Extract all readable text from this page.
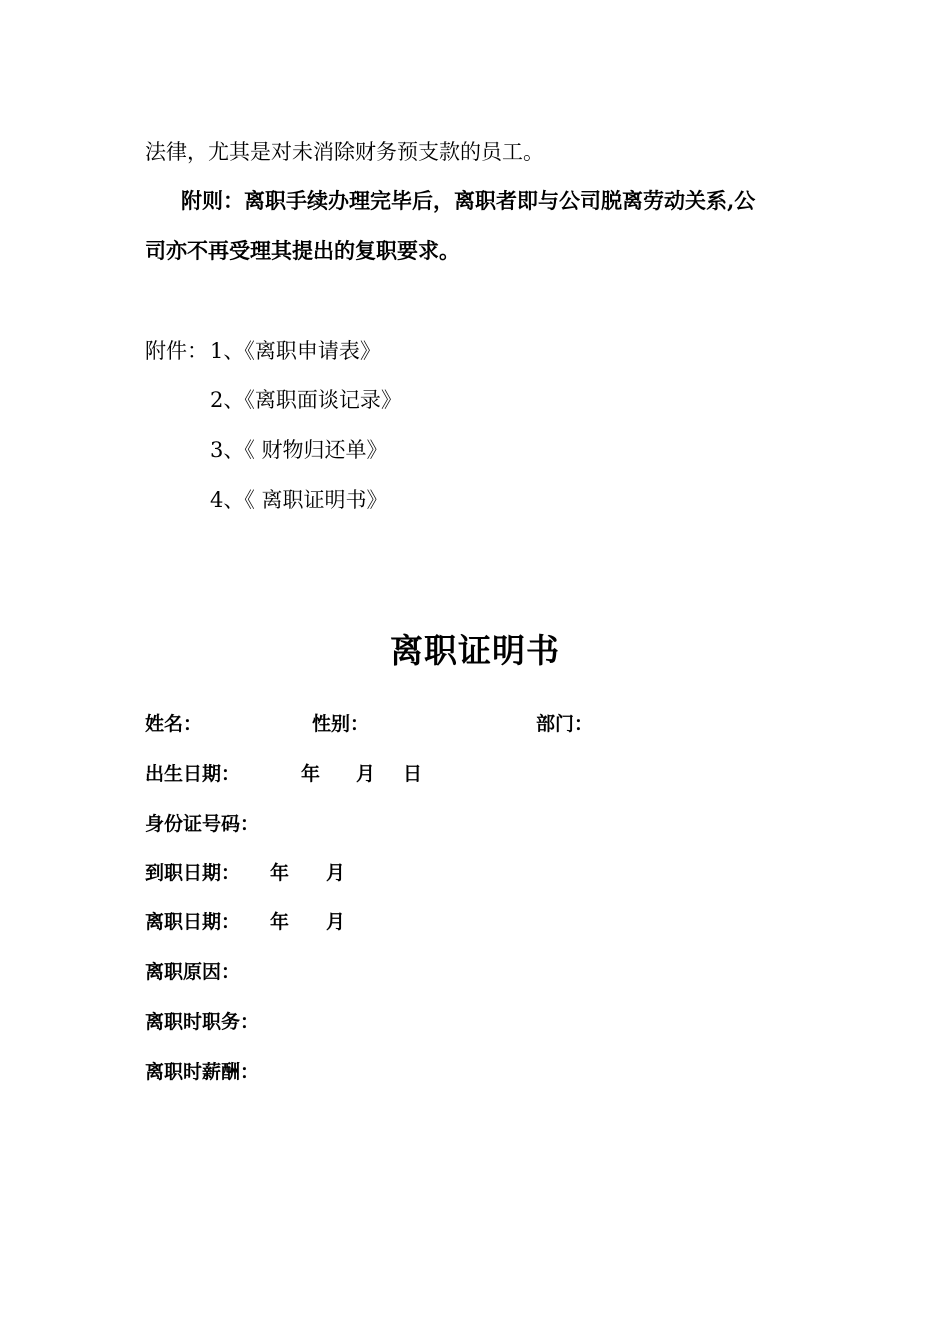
法律，尤其是对未消除财务预支款的员工。
附则：离职手续办理完毕后，离职者即与公司脱离劳动关系,公
司亦不再受理其提出的复职要求。
附件： 1、《离职申请表》
2、《离职面谈记录》
3、《 财物归还单》
4、《 离职证明书》
离职证明书
姓名：	性别：	部门：
出生日期：	年 月 日
身份证号码：
到职日期： 年 月
离职日期： 年 月
离职原因：
离职时职务：
离职时薪酬：
